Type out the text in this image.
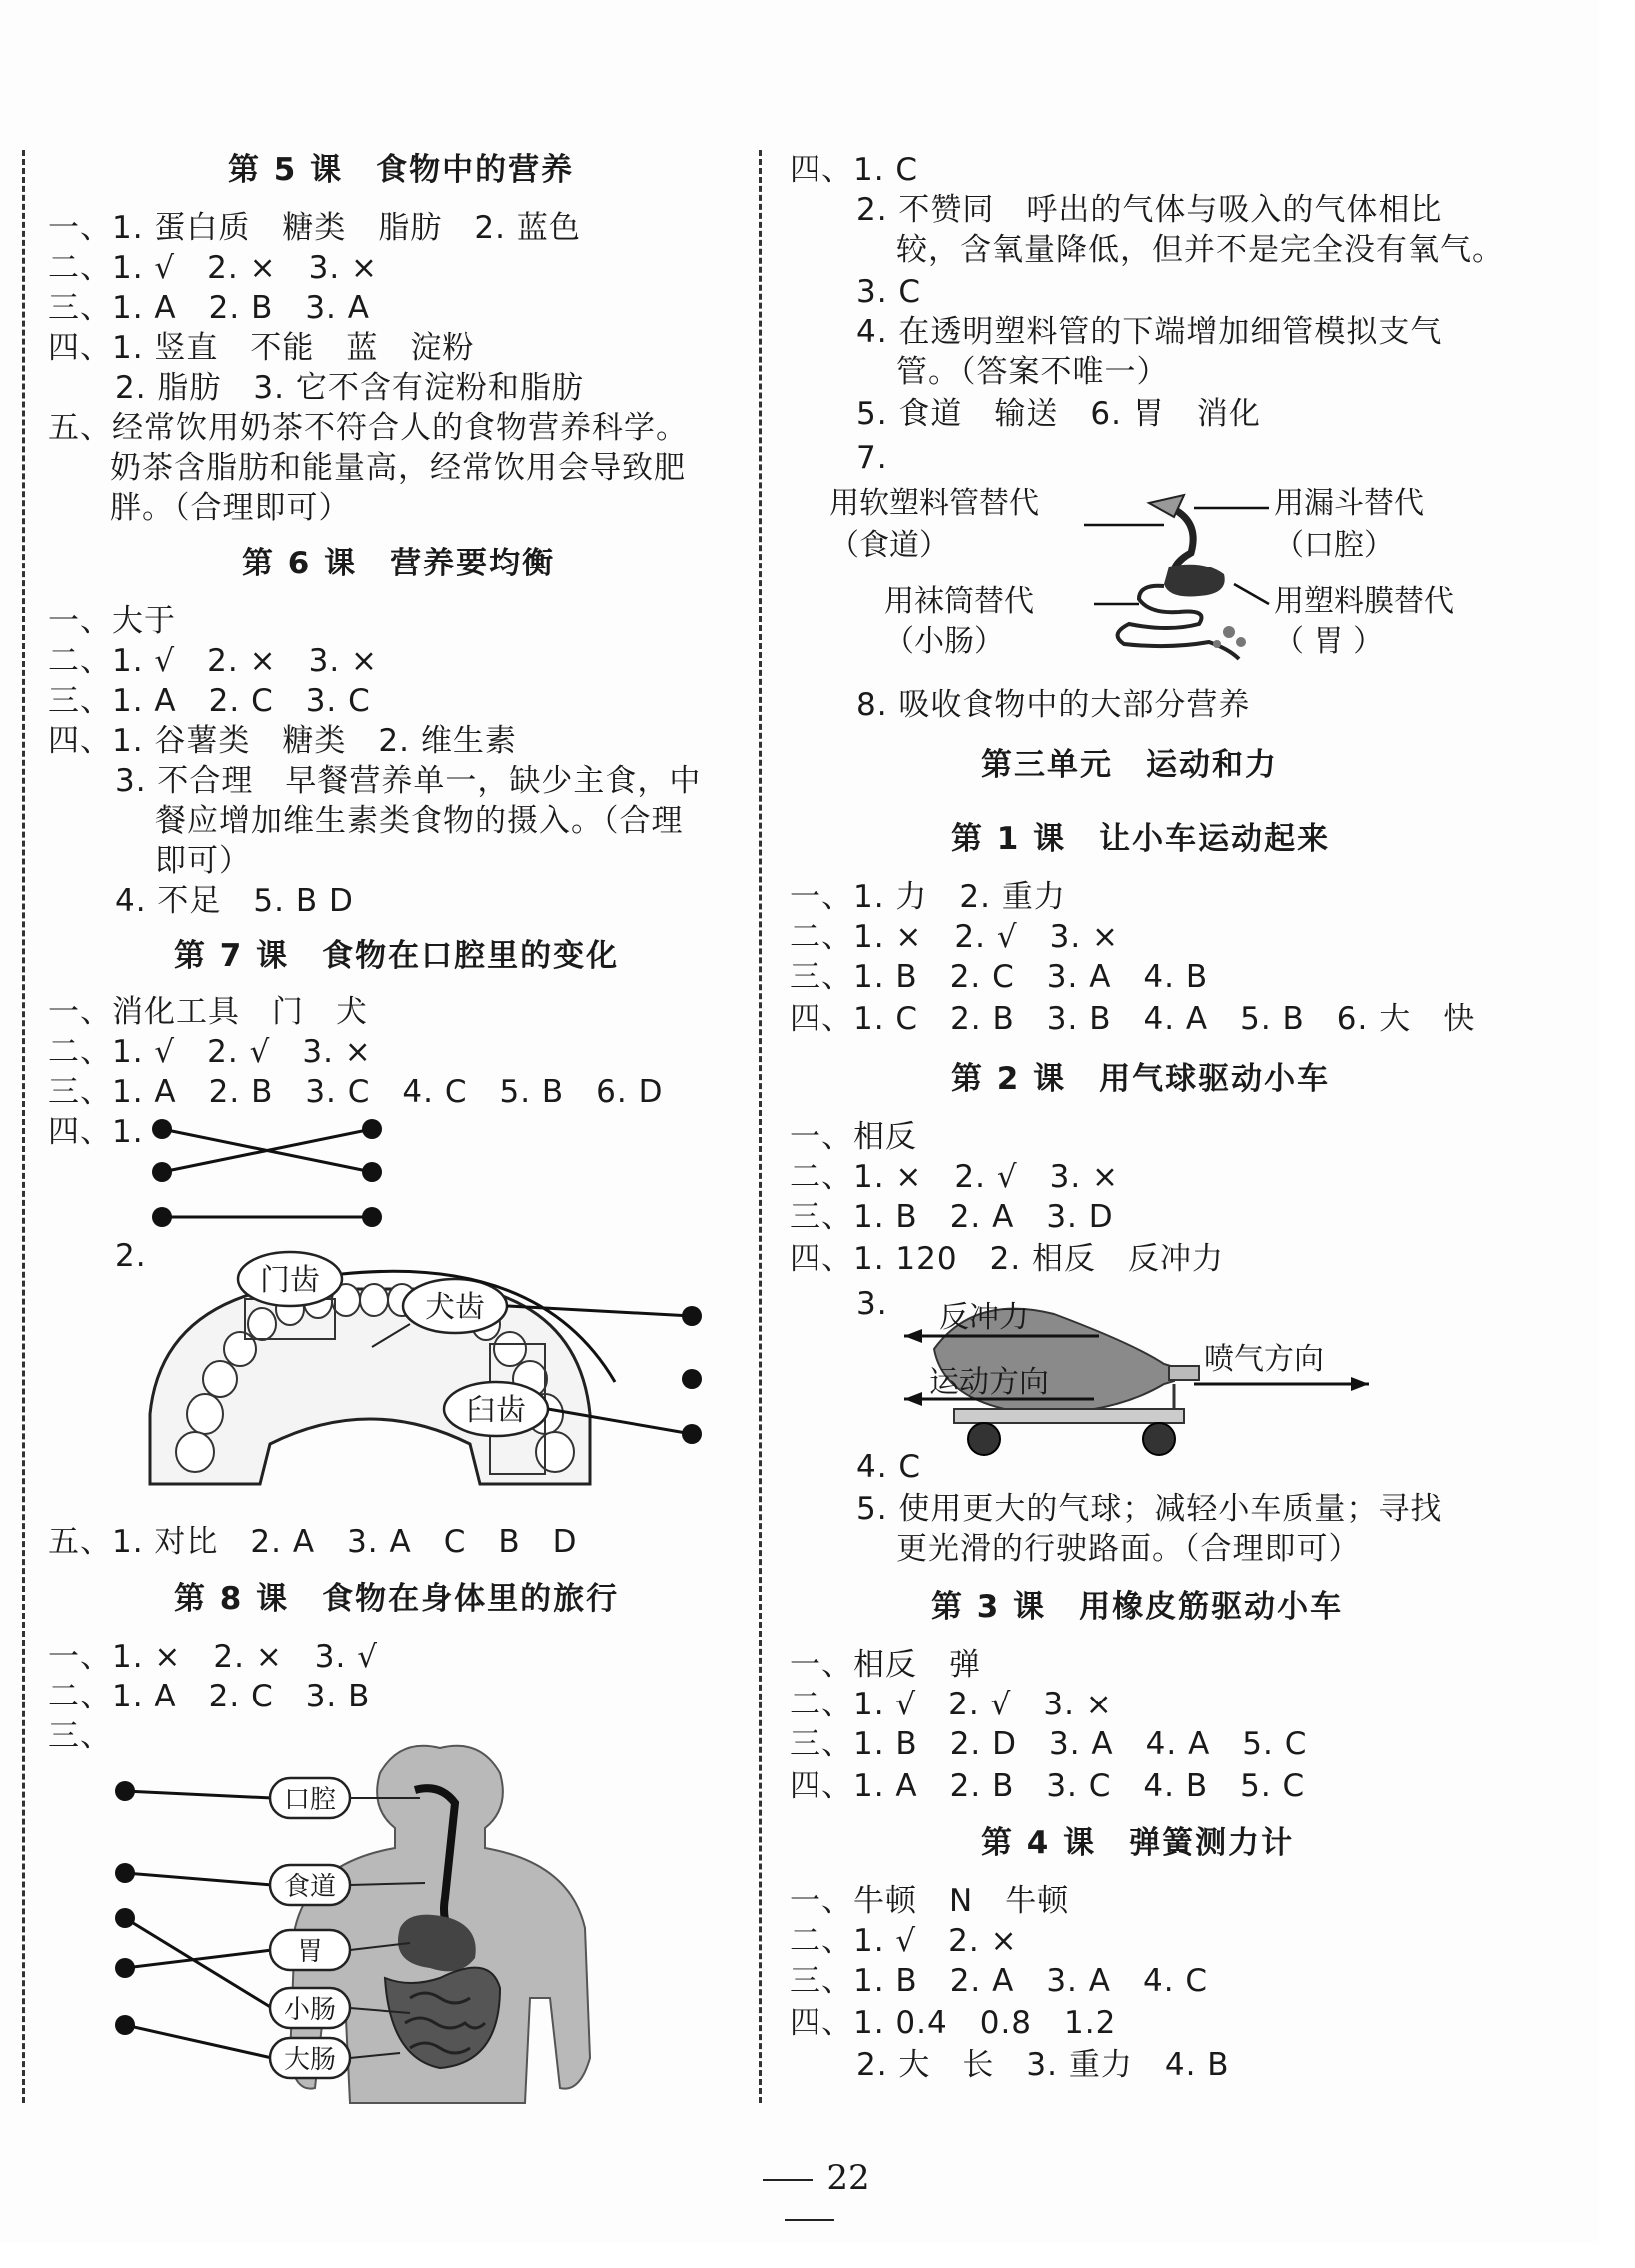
第 5 课　食物中的营养
一、1. 蛋白质　糖类　脂肪　2. 蓝色
二、1. √　2. ×　3. ×
三、1. A　2. B　3. A
四、1. 竖直　不能　蓝　淀粉
2. 脂肪　3. 它不含有淀粉和脂肪
五、经常饮用奶茶不符合人的食物营养科学。
奶茶含脂肪和能量高，经常饮用会导致肥
胖。（合理即可）
第 6 课　营养要均衡
一、大于
二、1. √　2. ×　3. ×
三、1. A　2. C　3. C
四、1. 谷薯类　糖类　2. 维生素
3. 不合理　早餐营养单一，缺少主食，中
餐应增加维生素类食物的摄入。（合理
即可）
4. 不足　5. B D
第 7 课　食物在口腔里的变化
一、消化工具　门　犬
二、1. √　2. √　3. ×
三、1. A　2. B　3. C　4. C　5. B　6. D
四、1.
2.
门齿
犬齿
臼齿
五、1. 对比　2. A　3. A　C　B　D
第 8 课　食物在身体里的旅行
一、1. ×　2. ×　3. √
二、1. A　2. C　3. B
三、
口腔
食道
胃
小肠
大肠
四、1. C
2. 不赞同　呼出的气体与吸入的气体相比
较，含氧量降低，但并不是完全没有氧气。
3. C
4. 在透明塑料管的下端增加细管模拟支气
管。（答案不唯一）
5. 食道　输送　6. 胃　消化
7.
用软塑料管替代
（食道）
用漏斗替代
（口腔）
用袜筒替代
（小肠）
用塑料膜替代
（ 胃 ）
8. 吸收食物中的大部分营养
第三单元　运动和力
第 1 课　让小车运动起来
一、1. 力　2. 重力
二、1. ×　2. √　3. ×
三、1. B　2. C　3. A　4. B
四、1. C　2. B　3. B　4. A　5. B　6. 大　快
第 2 课　用气球驱动小车
一、相反
二、1. ×　2. √　3. ×
三、1. B　2. A　3. D
四、1. 120　2. 相反　反冲力
3. 反冲力
运动方向
喷气方向
4. C
5. 使用更大的气球；减轻小车质量；寻找
更光滑的行驶路面。（合理即可）
第 3 课　用橡皮筋驱动小车
一、相反　弹
二、1. √　2. √　3. ×
三、1. B　2. D　3. A　4. A　5. C
四、1. A　2. B　3. C　4. B　5. C
第 4 课　弹簧测力计
一、牛顿　N　牛顿
二、1. √　2. ×
三、1. B　2. A　3. A　4. C
四、1. 0.4　0.8　1.2
2. 大　长　3. 重力　4. B
22
